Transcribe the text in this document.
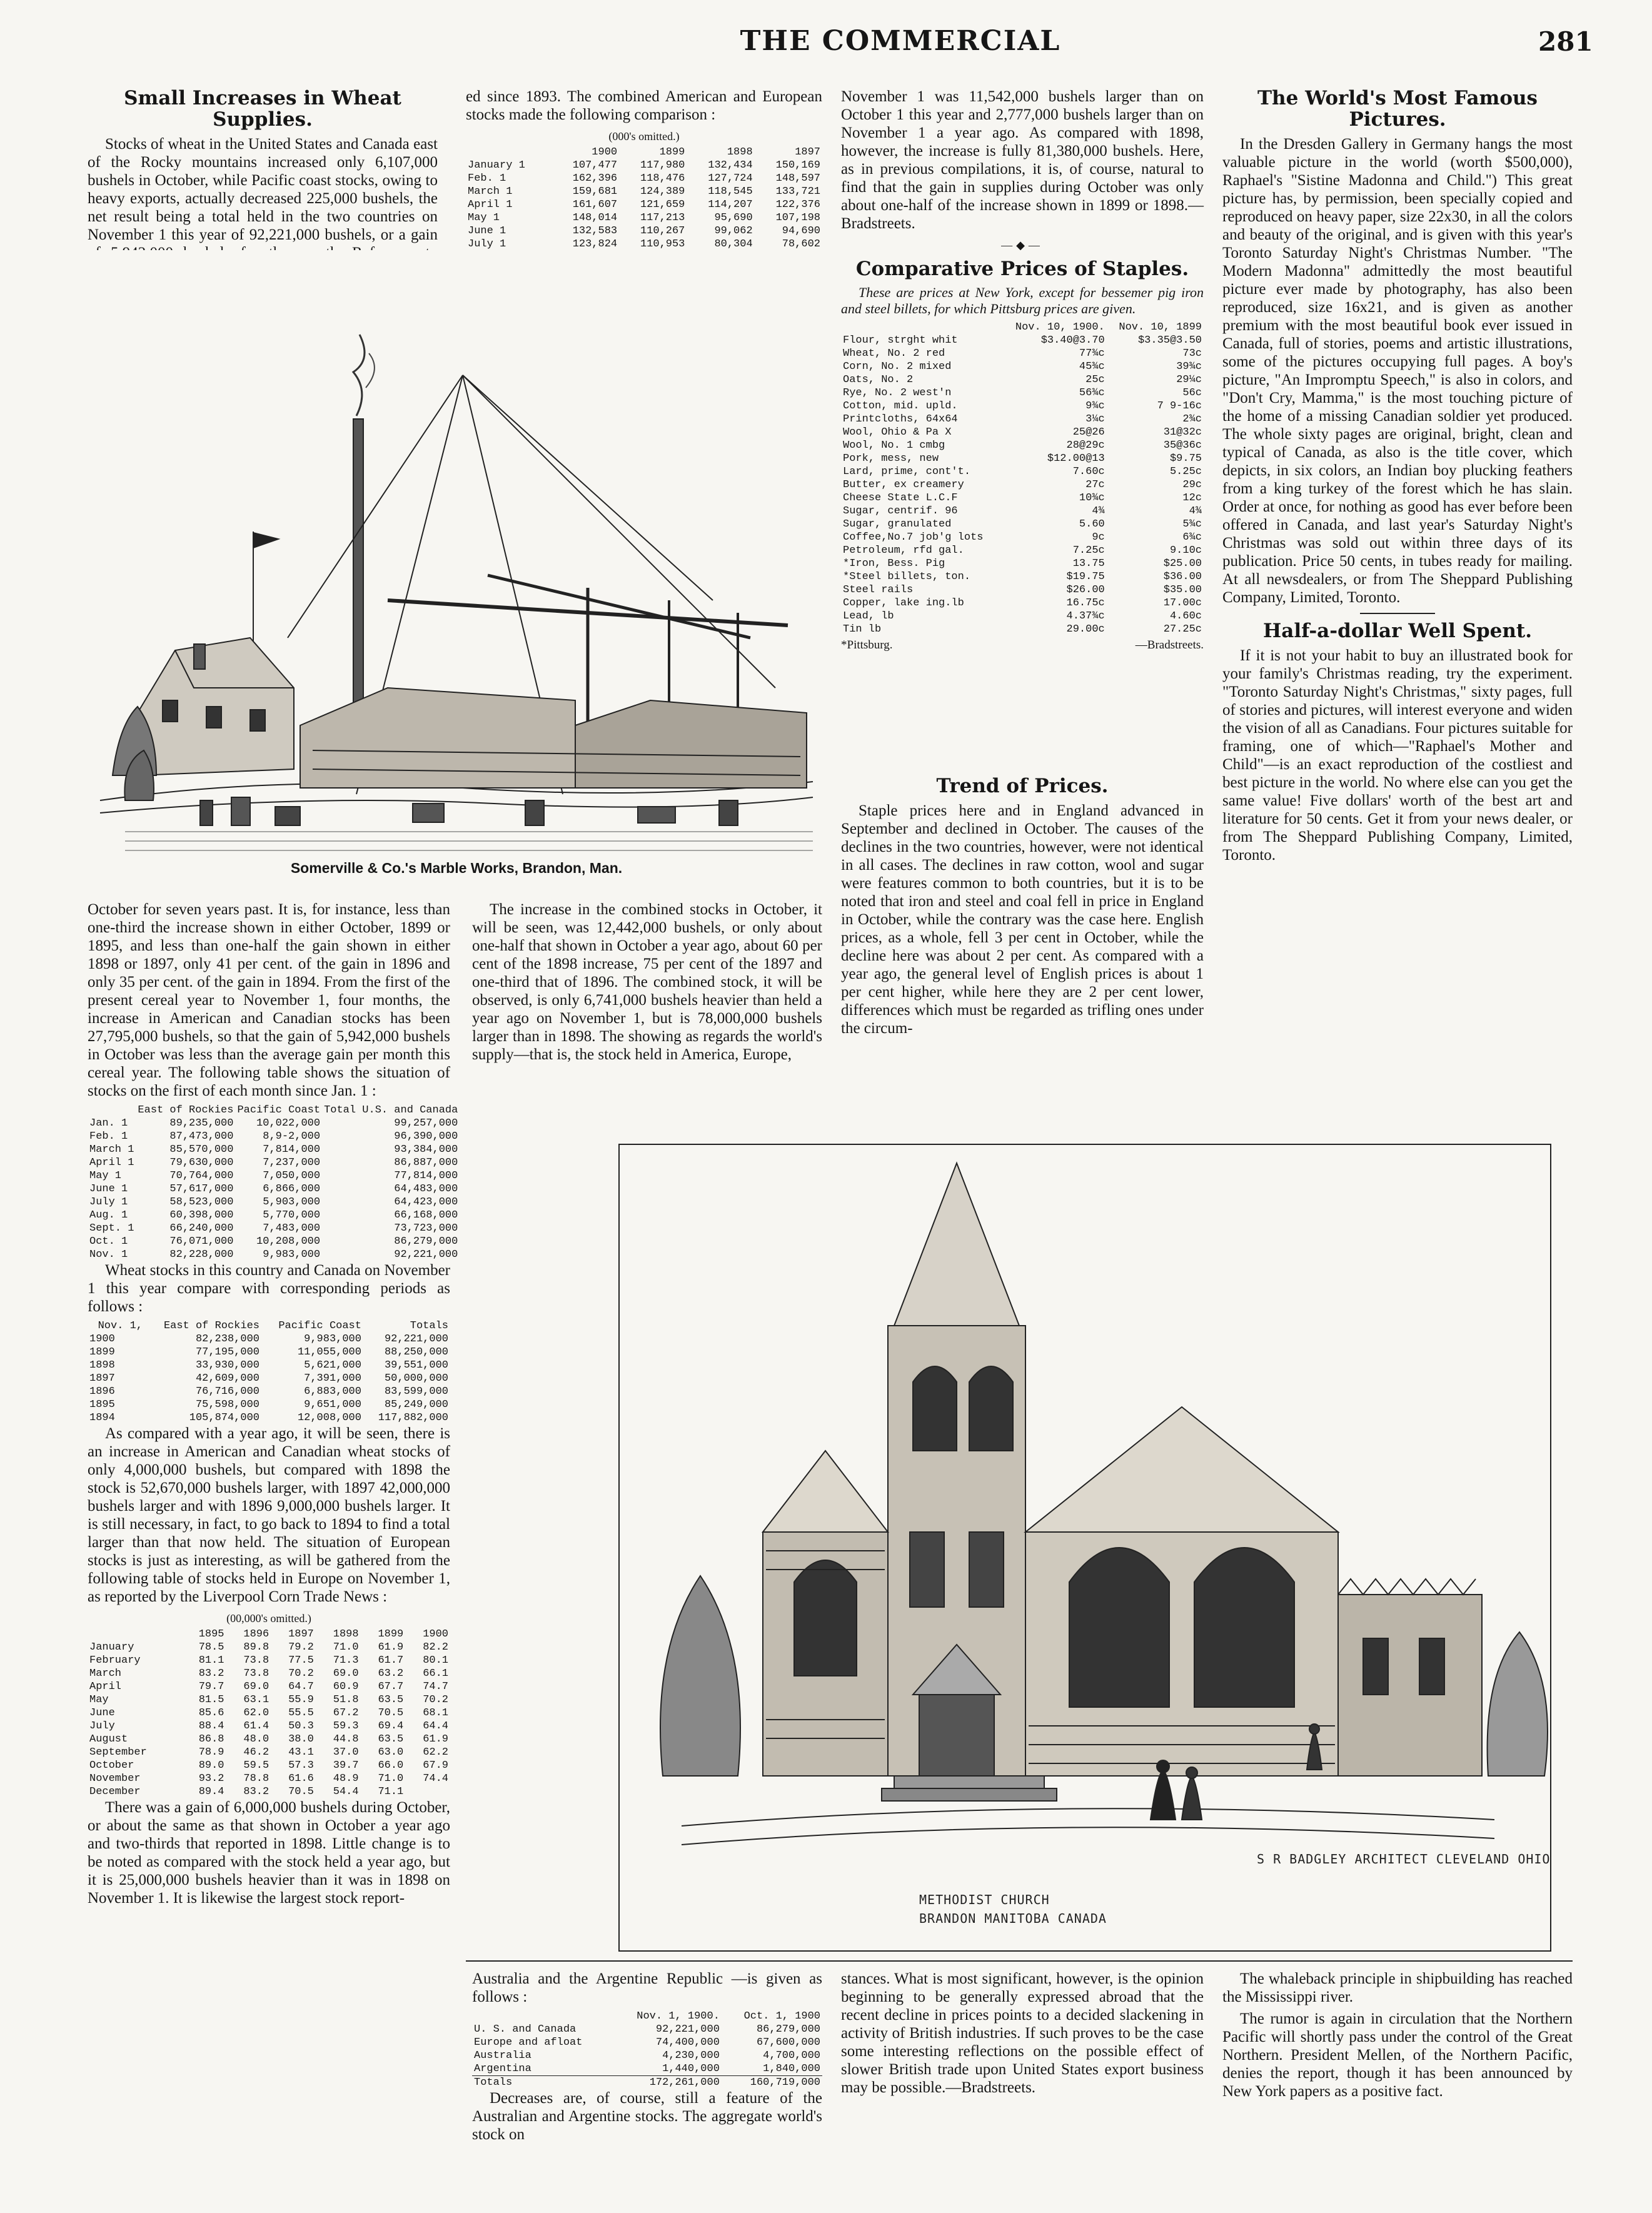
THE COMMERCIAL	281
Small Increases in Wheat Supplies.

Stocks of wheat in the United States and Canada east of the Rocky mountains increased only 6,107,000 bushels in October, while Pacific coast stocks, owing to heavy exports, actually decreased 225,000 bushels, the net result being a total held in the two countries on November 1 this year of 92,221,000 bushels, or a gain

ed since 1893. The combined American and European stocks made the following comparison :

(000's omitted.)
	1900	1899	1898	1897
January 1	107,477	117,980	132,434	150,169
Feb. 1	162,396	118,476	127,724	148,597
March 1	159,681	124,389	118,545	133,721
April 1	161,607	121,659	114,207	122,376
May 1	148,014	117,213	95,690	107,198
June 1	132,583	110,267	99,062	94,690
July 1	123,824	110,953	80,304	78,602

Somerville & Co.'s Marble Works, Brandon, Man.

November 1 was 11,542,000 bushels larger than on October 1 this year and 2,777,000 bushels larger than on November 1 a year ago. As compared with 1898, however, the increase is fully 81,380,000 bushels. Here, as in previous compilations, it is, of course, natural to find that the gain in supplies during October was only about one-half of the increase shown in 1899 or 1898.—Bradstreets.

—◆—
Comparative Prices of Staples.

These are prices at New York, except for bessemer pig iron and steel billets, for which Pittsburg prices are given.

	Nov. 10, 1900.	Nov. 10, 1899
Flour, strght whit	$3.40@3.70	$3.35@3.50
Wheat, No. 2 red	77¾c	73c
Corn, No. 2 mixed	45¾c	39¾c
Oats, No. 2	25c	29¼c
Rye, No. 2 west'n	56¾c	56c
Cotton, mid. upld.	9¾c	7 9-16c
Printcloths, 64x64	3¼c	2¾c
Wool, Ohio & Pa X	25@26	31@32c
Wool, No. 1 cmbg	28@29c	35@36c
Pork, mess, new	$12.00@13	$9.75
Lard, prime, cont't.	7.60c	5.25c
Butter, ex creamery	27c	29c
Cheese State L.C.F	10¾c	12c
Sugar, centrif. 96	4¾	4¾
Sugar, granulated	5.60	5¾c
Coffee,No.7 job'g lots	9c	6¾c
Petroleum, rfd gal.	7.25c	9.10c
*Iron, Bess. Pig	13.75	$25.00
*Steel billets, ton.	$19.75	$36.00
Steel rails	$26.00	$35.00
Copper, lake ing.lb	16.75c	17.00c
Lead, lb	4.37¾c	4.60c
Tin lb	29.00c	27.25c
*Pittsburg.	—Bradstreets.
Trend of Prices.

Staple prices here and in England advanced in September and declined in October. The causes of the declines in the two countries, however, were not identical in all cases. The declines in raw cotton, wool and sugar were features common to both countries, but it is to be noted that iron and steel and coal fell in price in England in October, while the contrary was the case here. English prices, as a whole, fell 3 per cent in October, while the decline here was about 2 per cent. As compared with a year ago, the general level of English prices is about 1 per cent higher, while here they are 2 per cent lower, differences which must be regarded as trifling ones under the circum-

The World's Most Famous Pictures.

In the Dresden Gallery in Germany hangs the most valuable picture in the world (worth $500,000), Raphael's "Sistine Madonna and Child.") This great picture has, by permission, been specially copied and reproduced on heavy paper, size 22x30, in all the colors and beauty of the original, and is given with this year's Toronto Saturday Night's Christmas Number. "The Modern Madonna" admittedly the most beautiful picture ever made by photography, has also been reproduced, size 16x21, and is given as another premium with the most beautiful book ever issued in Canada, full of stories, poems and artistic illustrations, some of the pictures occupying full pages. A boy's picture, "An Impromptu Speech," is also in colors, and "Don't Cry, Mamma," is the most touching picture of the home of a missing Canadian soldier yet produced. The whole sixty pages are original, bright, clean and typical of Canada, as also is the title cover, which depicts, in six colors, an Indian boy plucking feathers from a king turkey of the forest which he has slain. Order at once, for nothing as good has ever before been offered in Canada, and last year's Saturday Night's Christmas was sold out within three days of its publication. Price 50 cents, in tubes ready for mailing. At all newsdealers, or from The Sheppard Publishing Company, Limited, Toronto.

Half-a-dollar Well Spent.

If it is not your habit to buy an illustrated book for your family's Christmas reading, try the experiment. "Toronto Saturday Night's Christmas," sixty pages, full of stories and pictures, will interest everyone and widen the vision of all as Canadians. Four pictures suitable for framing, one of which—"Raphael's Mother and Child"—is an exact reproduction of the costliest and best picture in the world. No where else can you get the same value! Five dollars' worth of the best art and literature for 50 cents. Get it from your news dealer, or from The Sheppard Publishing Company, Limited, Toronto.

October for seven years past. It is, for instance, less than one-third the increase shown in either October, 1899 or 1895, and less than one-half the gain shown in either 1898 or 1897, only 41 per cent. of the gain in 1896 and only 35 per cent. of the gain in 1894. From the first of the present cereal year to November 1, four months, the increase in American and Canadian stocks has been 27,795,000 bushels, so that the gain of 5,942,000 bushels in October was less than the average gain per month this cereal year. The following table shows the situation of stocks on the first of each month since Jan. 1 :

	East of Rockies	Pacific Coast	Total U.S. and Canada
Jan. 1	89,235,000	10,022,000	99,257,000
Feb. 1	87,473,000	8,9-2,000	96,390,000
March 1	85,570,000	7,814,000	93,384,000
April 1	79,630,000	7,237,000	86,887,000
May 1	70,764,000	7,050,000	77,814,000
June 1	57,617,000	6,866,000	64,483,000
July 1	58,523,000	5,903,000	64,423,000
Aug. 1	60,398,000	5,770,000	66,168,000
Sept. 1	66,240,000	7,483,000	73,723,000
Oct. 1	76,071,000	10,208,000	86,279,000
Nov. 1	82,228,000	9,983,000	92,221,000

Wheat stocks in this country and Canada on November 1 this year compare with corresponding periods as follows :

Nov. 1,	East of Rockies	Pacific Coast	Totals
1900	82,238,000	9,983,000	92,221,000
1899	77,195,000	11,055,000	88,250,000
1898	33,930,000	5,621,000	39,551,000
1897	42,609,000	7,391,000	50,000,000
1896	76,716,000	6,883,000	83,599,000
1895	75,598,000	9,651,000	85,249,000
1894	105,874,000	12,008,000	117,882,000

As compared with a year ago, it will be seen, there is an increase in American and Canadian wheat stocks of only 4,000,000 bushels, but compared with 1898 the stock is 52,670,000 bushels larger, with 1897 42,000,000 bushels larger and with 1896 9,000,000 bushels larger. It is still necessary, in fact, to go back to 1894 to find a total larger than that now held. The situation of European stocks is just as interesting, as will be gathered from the following table of stocks held in Europe on November 1, as reported by the Liverpool Corn Trade News :

(00,000's omitted.)
	1895	1896	1897	1898	1899	1900
January	78.5	89.8	79.2	71.0	61.9	82.2
February	81.1	73.8	77.5	71.3	61.7	80.1
March	83.2	73.8	70.2	69.0	63.2	66.1
April	79.7	69.0	64.7	60.9	67.7	74.7
May	81.5	63.1	55.9	51.8	63.5	70.2
June	85.6	62.0	55.5	67.2	70.5	68.1
July	88.4	61.4	50.3	59.3	69.4	64.4
August	86.8	48.0	38.0	44.8	63.5	61.9
September	78.9	46.2	43.1	37.0	63.0	62.2
October	89.0	59.5	57.3	39.7	66.0	67.9
November	93.2	78.8	61.6	48.9	71.0	74.4
December	89.4	83.2	70.5	54.4	71.1	

There was a gain of 6,000,000 bushels during October, or about the same as that shown in October a year ago and two-thirds that reported in 1898. Little change is to be noted as compared with the stock held a year ago, but it is 25,000,000 bushels heavier than it was in 1898 on November 1. It is likewise the largest stock report-

The increase in the combined stocks in October, it will be seen, was 12,442,000 bushels, or only about one-half that shown in October a year ago, about 60 per cent of the 1898 increase, 75 per cent of the 1897 and one-third that of 1896. The combined stock, it will be observed, is only 6,741,000 bushels heavier than held a year ago on November 1, but is 78,000,000 bushels larger than in 1898. The showing as regards the world's supply—that is, the stock held in America, Europe,

S R BADGLEY ARCHITECT CLEVELAND OHIO
METHODIST CHURCH
BRANDON MANITOBA CANADA

Australia and the Argentine Republic —is given as follows :

	Nov. 1, 1900.	Oct. 1, 1900
U. S. and Canada	92,221,000	86,279,000
Europe and afloat	74,400,000	67,600,000
Australia	4,230,000	4,700,000
Argentina	1,440,000	1,840,000
Totals	172,261,000	160,719,000

Decreases are, of course, still a feature of the Australian and Argentine stocks. The aggregate world's stock on

stances. What is most significant, however, is the opinion beginning to be generally expressed abroad that the recent decline in prices points to a decided slackening in activity of British industries. If such proves to be the case some interesting reflections on the possible effect of slower British trade upon United States export business may be possible.—Bradstreets.

The whaleback principle in shipbuilding has reached the Mississippi river.

The rumor is again in circulation that the Northern Pacific will shortly pass under the control of the Great Northern. President Mellen, of the Northern Pacific, denies the report, though it has been announced by New York papers as a positive fact.
